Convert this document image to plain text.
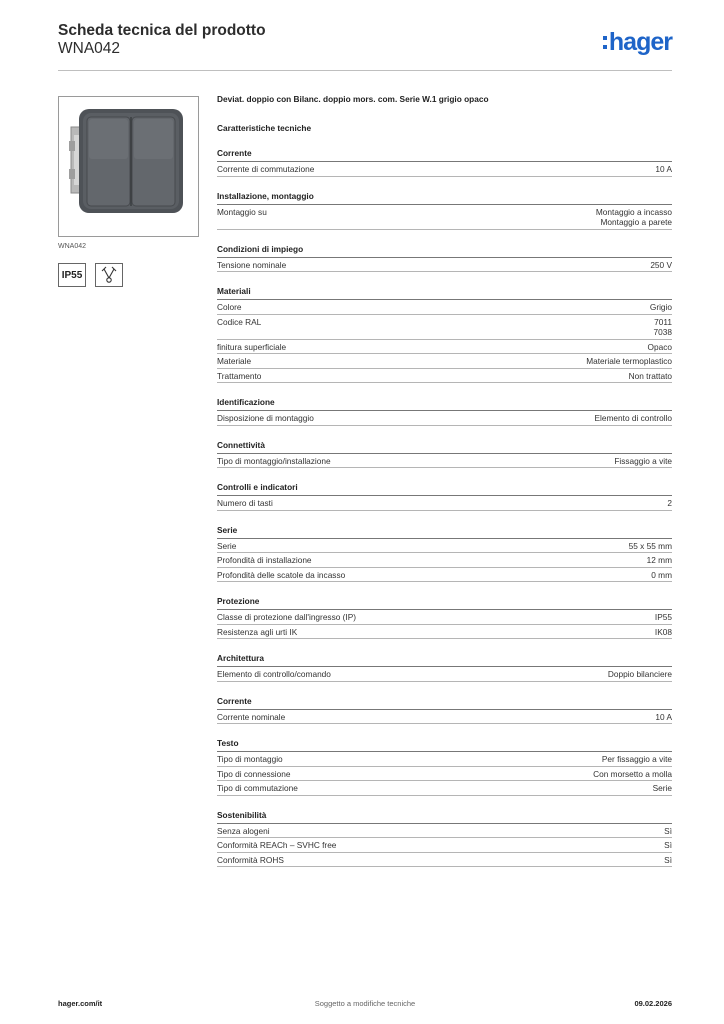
Scheda tecnica del prodotto
WNA042	hager
WNA042
IP55
Deviat. doppio con Bilanc. doppio mors. com. Serie W.1 grigio opaco
Caratteristiche tecniche
Corrente
Corrente di commutazione	10 A
Installazione, montaggio
Montaggio su	Montaggio a incasso
Montaggio a parete
Condizioni di impiego
Tensione nominale	250 V
Materiali
Colore	Grigio
Codice RAL	7011
7038
finitura superficiale	Opaco
Materiale	Materiale termoplastico
Trattamento	Non trattato
Identificazione
Disposizione di montaggio	Elemento di controllo
Connettività
Tipo di montaggio/installazione	Fissaggio a vite
Controlli e indicatori
Numero di tasti	2
Serie
Serie	55 x 55 mm
Profondità di installazione	12 mm
Profondità delle scatole da incasso	0 mm
Protezione
Classe di protezione dall'ingresso (IP)	IP55
Resistenza agli urti IK	IK08
Architettura
Elemento di controllo/comando	Doppio bilanciere
Corrente
Corrente nominale	10 A
Testo
Tipo di montaggio	Per fissaggio a vite
Tipo di connessione	Con morsetto a molla
Tipo di commutazione	Serie
Sostenibilità
Senza alogeni	Sì
Conformità REACh – SVHC free	Sì
Conformità ROHS	Sì
hager.com/it	Soggetto a modifiche tecniche	09.02.2026
